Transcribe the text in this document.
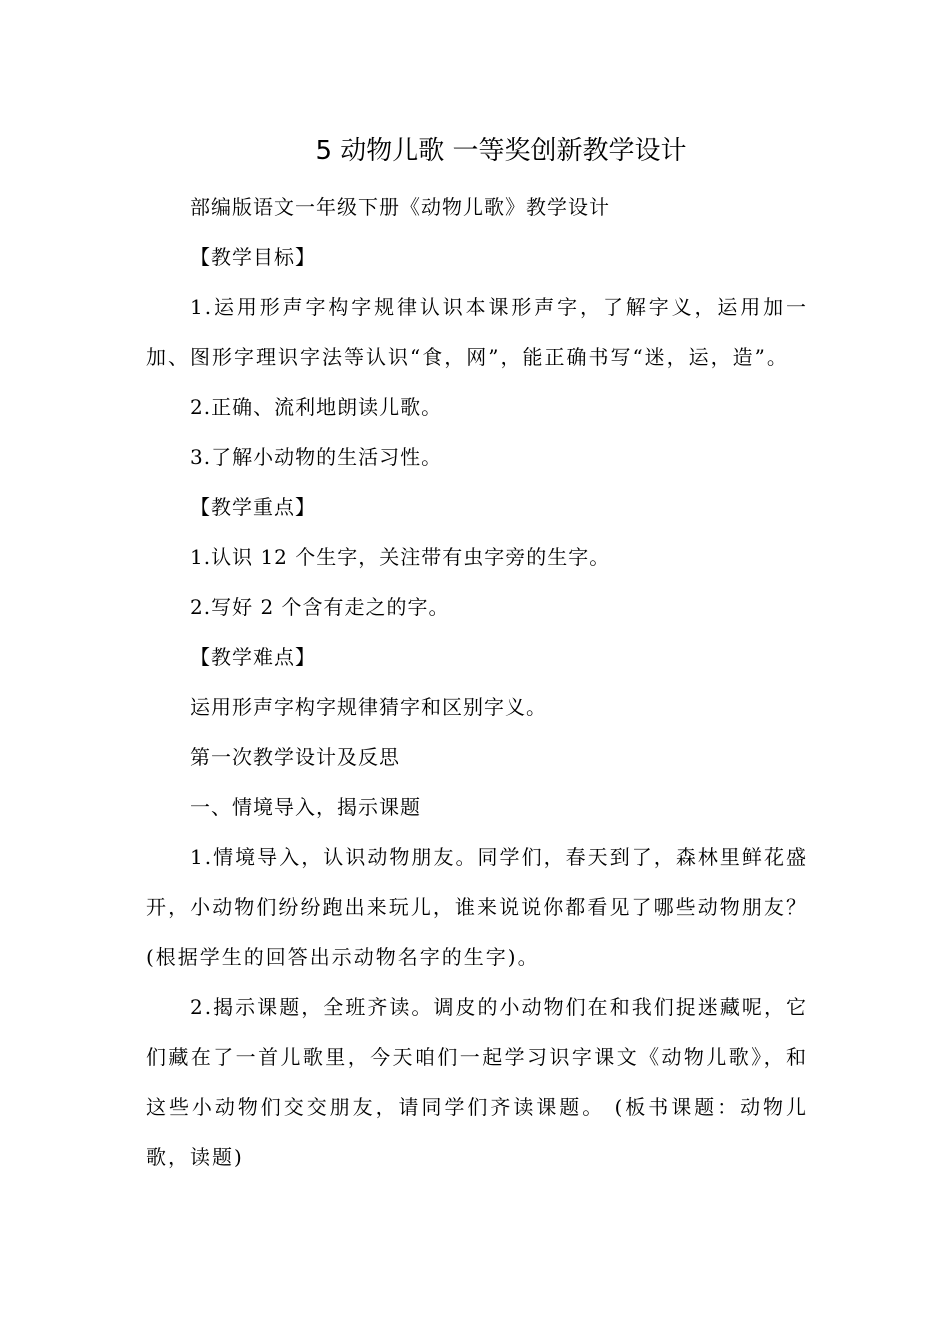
5 动物儿歌 一等奖创新教学设计

部编版语文一年级下册《动物儿歌》教学设计

【教学目标】

1.运用形声字构字规律认识本课形声字，了解字义，运用加一加、图形字理识字法等认识“食，网”，能正确书写“迷，运，造”。

2.正确、流利地朗读儿歌。

3.了解小动物的生活习性。

【教学重点】

1.认识 12 个生字，关注带有虫字旁的生字。

2.写好 2 个含有走之的字。

【教学难点】

运用形声字构字规律猜字和区别字义。

第一次教学设计及反思

一、情境导入，揭示课题

1.情境导入，认识动物朋友。同学们，春天到了，森林里鲜花盛开，小动物们纷纷跑出来玩儿，谁来说说你都看见了哪些动物朋友？(根据学生的回答出示动物名字的生字)。

2.揭示课题，全班齐读。调皮的小动物们在和我们捉迷藏呢，它们藏在了一首儿歌里，今天咱们一起学习识字课文《动物儿歌》，和这些小动物们交交朋友，请同学们齐读课题。 (板书课题：动物儿歌，读题)
